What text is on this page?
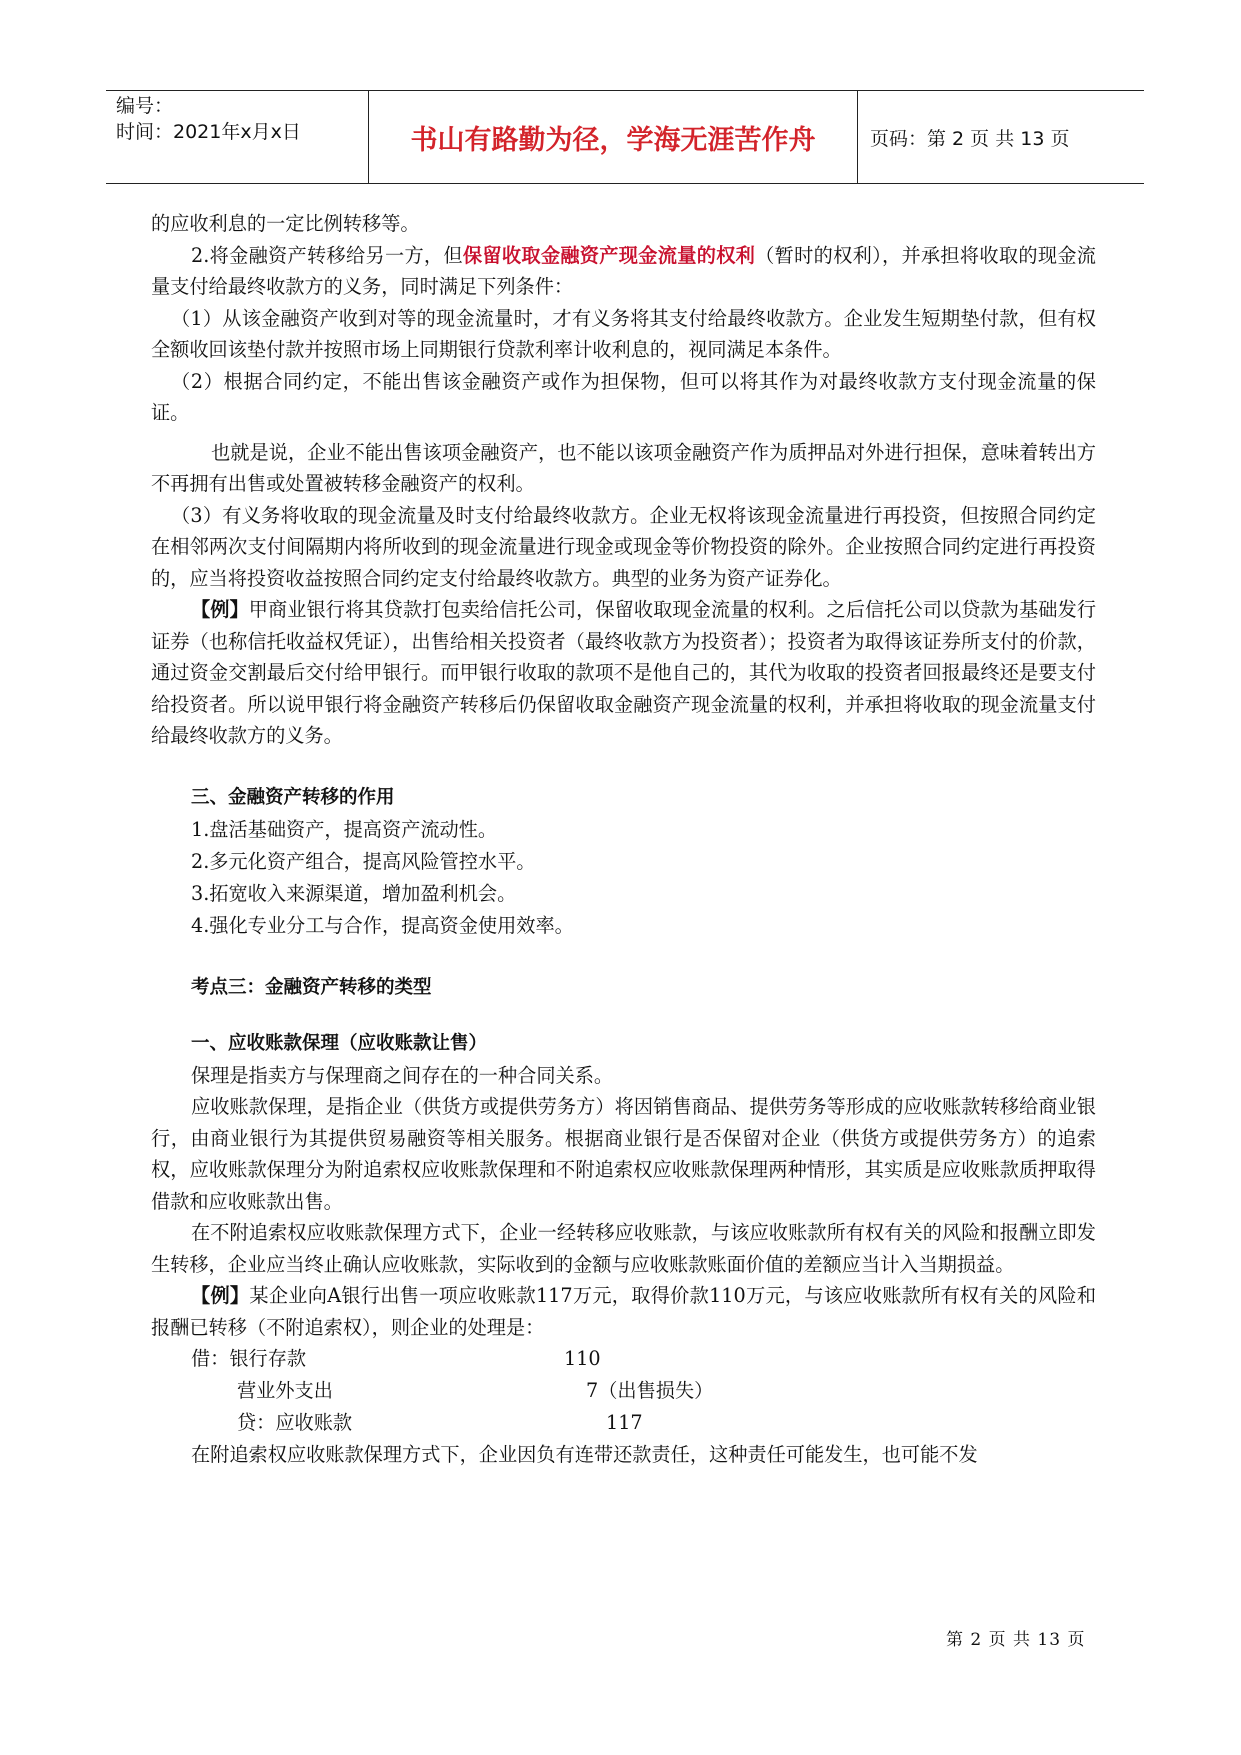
编号：
时间：2021年x月x日	书山有路勤为径，学海无涯苦作舟	页码：第 2 页 共 13 页

的应收利息的一定比例转移等。

2.将金融资产转移给另一方，但保留收取金融资产现金流量的权利（暂时的权利），并承担将收取的现金流量支付给最终收款方的义务，同时满足下列条件：

（1）从该金融资产收到对等的现金流量时，才有义务将其支付给最终收款方。企业发生短期垫付款，但有权全额收回该垫付款并按照市场上同期银行贷款利率计收利息的，视同满足本条件。

（2）根据合同约定，不能出售该金融资产或作为担保物，但可以将其作为对最终收款方支付现金流量的保证。

也就是说，企业不能出售该项金融资产，也不能以该项金融资产作为质押品对外进行担保，意味着转出方不再拥有出售或处置被转移金融资产的权利。

（3）有义务将收取的现金流量及时支付给最终收款方。企业无权将该现金流量进行再投资，但按照合同约定在相邻两次支付间隔期内将所收到的现金流量进行现金或现金等价物投资的除外。企业按照合同约定进行再投资的，应当将投资收益按照合同约定支付给最终收款方。典型的业务为资产证券化。

【例】甲商业银行将其贷款打包卖给信托公司，保留收取现金流量的权利。之后信托公司以贷款为基础发行证券（也称信托收益权凭证），出售给相关投资者（最终收款方为投资者）；投资者为取得该证券所支付的价款，通过资金交割最后交付给甲银行。而甲银行收取的款项不是他自己的，其代为收取的投资者回报最终还是要支付给投资者。所以说甲银行将金融资产转移后仍保留收取金融资产现金流量的权利，并承担将收取的现金流量支付给最终收款方的义务。

三、金融资产转移的作用

1.盘活基础资产，提高资产流动性。

2.多元化资产组合，提高风险管控水平。

3.拓宽收入来源渠道，增加盈利机会。

4.强化专业分工与合作，提高资金使用效率。

考点三：金融资产转移的类型

一、应收账款保理（应收账款让售）

保理是指卖方与保理商之间存在的一种合同关系。

应收账款保理，是指企业（供货方或提供劳务方）将因销售商品、提供劳务等形成的应收账款转移给商业银行，由商业银行为其提供贸易融资等相关服务。根据商业银行是否保留对企业（供货方或提供劳务方）的追索权，应收账款保理分为附追索权应收账款保理和不附追索权应收账款保理两种情形，其实质是应收账款质押取得借款和应收账款出售。

在不附追索权应收账款保理方式下，企业一经转移应收账款，与该应收账款所有权有关的风险和报酬立即发生转移，企业应当终止确认应收账款，实际收到的金额与应收账款账面价值的差额应当计入当期损益。

【例】某企业向A银行出售一项应收账款117万元，取得价款110万元，与该应收账款所有权有关的风险和报酬已转移（不附追索权），则企业的处理是：

借：银行存款	110
营业外支出	7（出售损失）
贷：应收账款	117

在附追索权应收账款保理方式下，企业因负有连带还款责任，这种责任可能发生，也可能不发

第 2 页 共 13 页
